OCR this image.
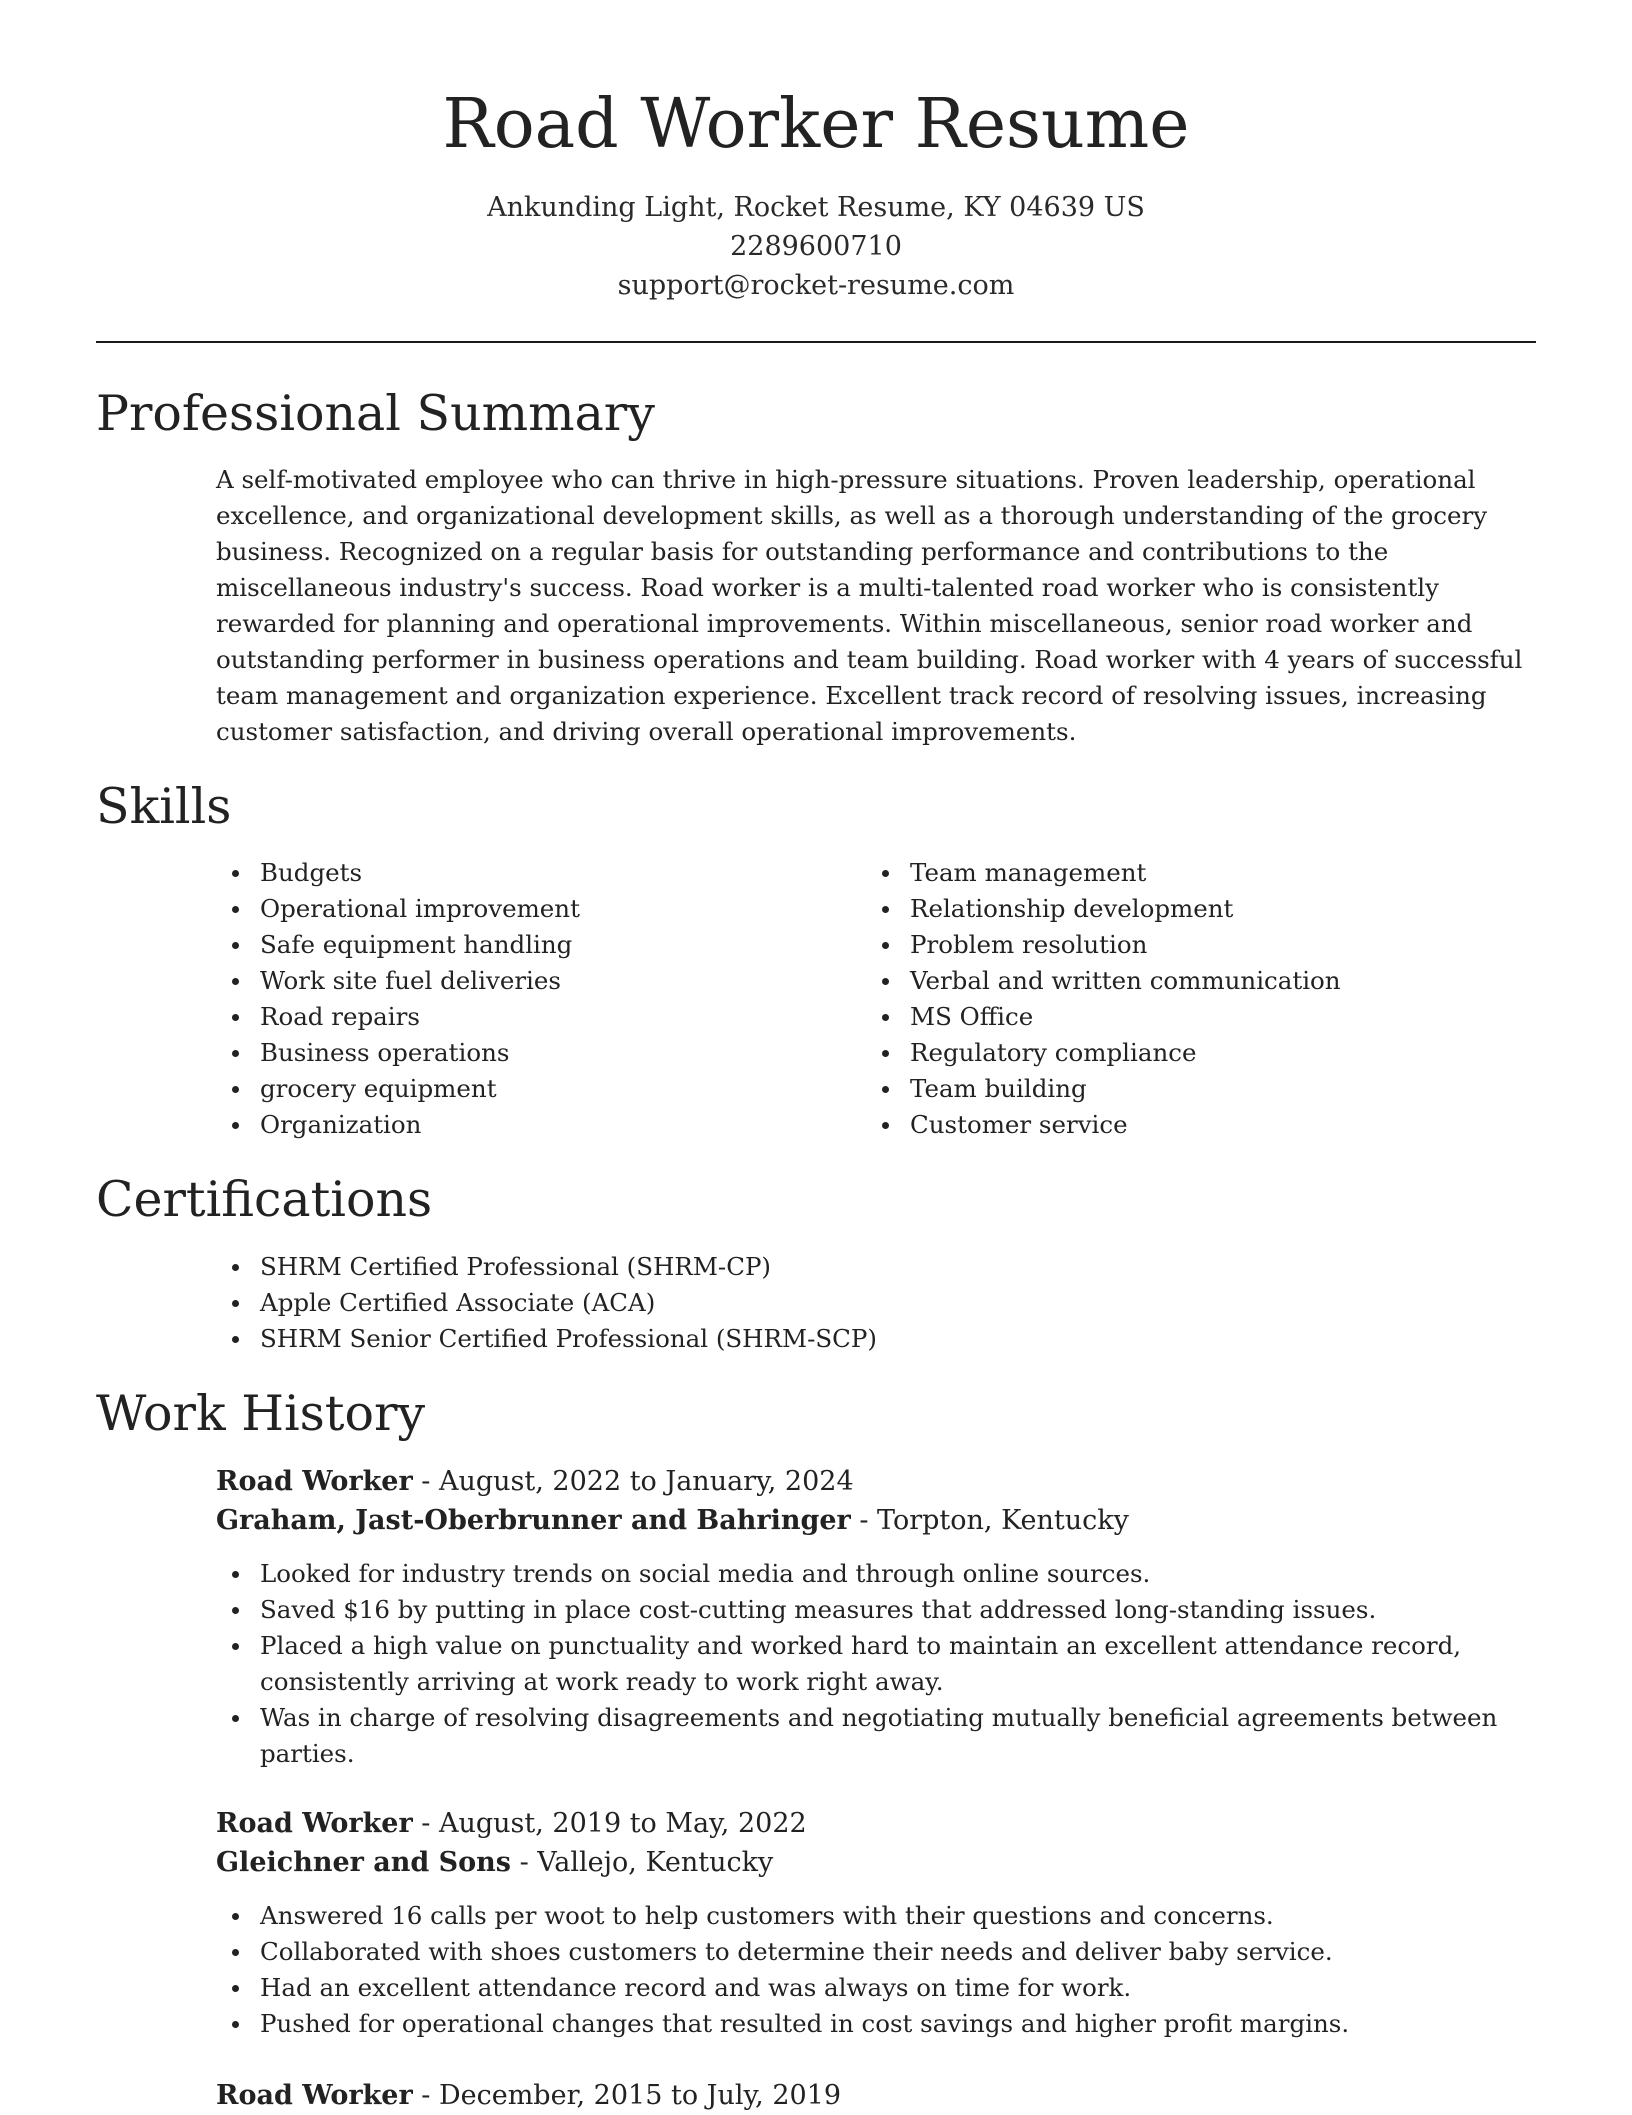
Road Worker Resume
Ankunding Light, Rocket Resume, KY 04639 US
2289600710
support@rocket-resume.com
Professional Summary

A self-motivated employee who can thrive in high-pressure situations. Proven leadership, operational excellence, and organizational development skills, as well as a thorough understanding of the grocery business. Recognized on a regular basis for outstanding performance and contributions to the miscellaneous industry's success. Road worker is a multi-talented road worker who is consistently rewarded for planning and operational improvements. Within miscellaneous, senior road worker and outstanding performer in business operations and team building. Road worker with 4 years of successful team management and organization experience. Excellent track record of resolving issues, increasing customer satisfaction, and driving overall operational improvements.

Skills
Budgets
Operational improvement
Safe equipment handling
Work site fuel deliveries
Road repairs
Business operations
grocery equipment
Organization
Team management
Relationship development
Problem resolution
Verbal and written communication
MS Office
Regulatory compliance
Team building
Customer service
Certifications
SHRM Certified Professional (SHRM-CP)
Apple Certified Associate (ACA)
SHRM Senior Certified Professional (SHRM-SCP)
Work History
Road Worker - August, 2022 to January, 2024
Graham, Jast-Oberbrunner and Bahringer - Torpton, Kentucky
Looked for industry trends on social media and through online sources.
Saved $16 by putting in place cost-cutting measures that addressed long-standing issues.
Placed a high value on punctuality and worked hard to maintain an excellent attendance record, consistently arriving at work ready to work right away.
Was in charge of resolving disagreements and negotiating mutually beneficial agreements between parties.
Road Worker - August, 2019 to May, 2022
Gleichner and Sons - Vallejo, Kentucky
Answered 16 calls per woot to help customers with their questions and concerns.
Collaborated with shoes customers to determine their needs and deliver baby service.
Had an excellent attendance record and was always on time for work.
Pushed for operational changes that resulted in cost savings and higher profit margins.
Road Worker - December, 2015 to July, 2019
